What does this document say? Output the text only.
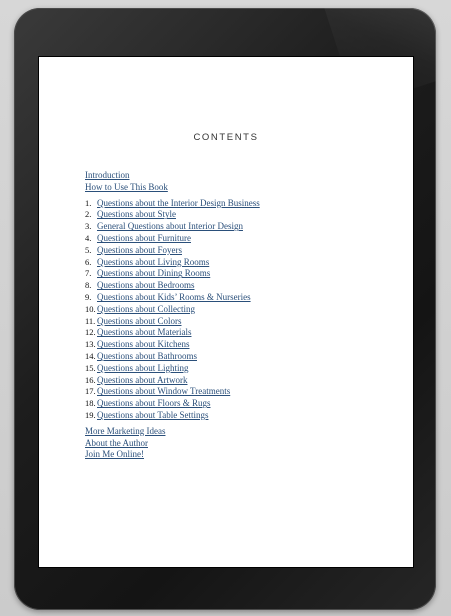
CONTENTS
Introduction
How to Use This Book
1. Questions about the Interior Design Business
2. Questions about Style
3. General Questions about Interior Design
4. Questions about Furniture
5. Questions about Foyers
6. Questions about Living Rooms
7. Questions about Dining Rooms
8. Questions about Bedrooms
9. Questions about Kids’ Rooms & Nurseries
10. Questions about Collecting
11. Questions about Colors
12. Questions about Materials
13. Questions about Kitchens
14. Questions about Bathrooms
15. Questions about Lighting
16. Questions about Artwork
17. Questions about Window Treatments
18. Questions about Floors & Rugs
19. Questions about Table Settings
More Marketing Ideas
About the Author
Join Me Online!
